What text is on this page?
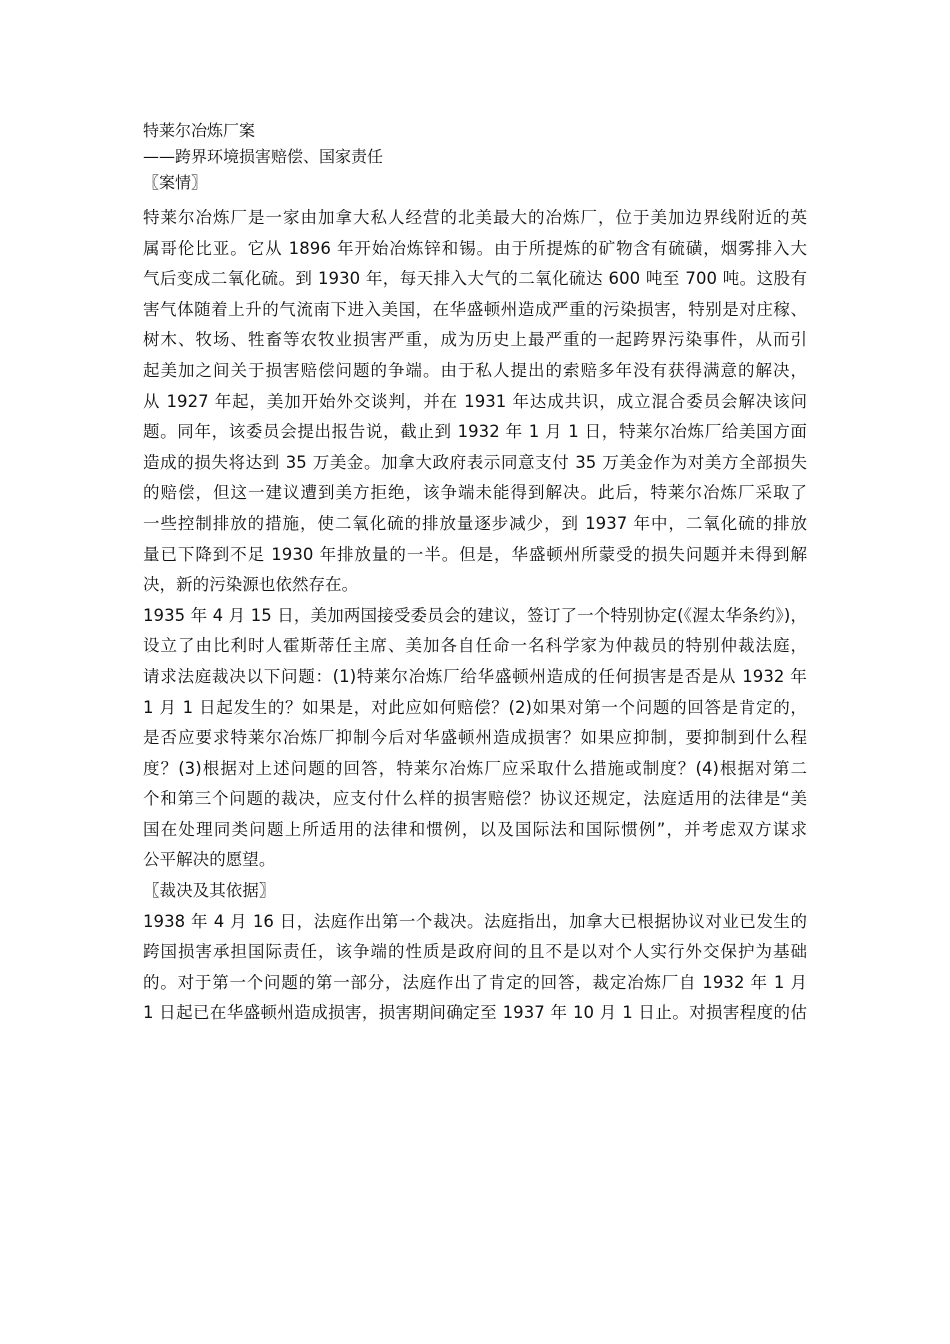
特莱尔冶炼厂案
——跨界环境损害赔偿、国家责任
〖案情〗
特莱尔冶炼厂是一家由加拿大私人经营的北美最大的冶炼厂，位于美加边界线附近的英
属哥伦比亚。它从 1896 年开始冶炼锌和锡。由于所提炼的矿物含有硫磺，烟雾排入大
气后变成二氧化硫。到 1930 年，每天排入大气的二氧化硫达 600 吨至 700 吨。这股有
害气体随着上升的气流南下进入美国，在华盛顿州造成严重的污染损害，特别是对庄稼、
树木、牧场、牲畜等农牧业损害严重，成为历史上最严重的一起跨界污染事件，从而引
起美加之间关于损害赔偿问题的争端。由于私人提出的索赔多年没有获得满意的解决，
从 1927 年起，美加开始外交谈判，并在 1931 年达成共识，成立混合委员会解决该问
题。同年，该委员会提出报告说，截止到 1932 年 1 月 1 日，特莱尔冶炼厂给美国方面
造成的损失将达到 35 万美金。加拿大政府表示同意支付 35 万美金作为对美方全部损失
的赔偿，但这一建议遭到美方拒绝，该争端未能得到解决。此后，特莱尔冶炼厂采取了
一些控制排放的措施，使二氧化硫的排放量逐步减少，到 1937 年中，二氧化硫的排放
量已下降到不足 1930 年排放量的一半。但是，华盛顿州所蒙受的损失问题并未得到解
决，新的污染源也依然存在。
1935 年 4 月 15 日，美加两国接受委员会的建议，签订了一个特别协定(《渥太华条约》)，
设立了由比利时人霍斯蒂任主席、美加各自任命一名科学家为仲裁员的特别仲裁法庭，
请求法庭裁决以下问题：(1)特莱尔冶炼厂给华盛顿州造成的任何损害是否是从 1932 年
1 月 1 日起发生的？如果是，对此应如何赔偿？(2)如果对第一个问题的回答是肯定的，
是否应要求特莱尔冶炼厂抑制今后对华盛顿州造成损害？如果应抑制，要抑制到什么程
度？(3)根据对上述问题的回答，特莱尔冶炼厂应采取什么措施或制度？(4)根据对第二
个和第三个问题的裁决，应支付什么样的损害赔偿？协议还规定，法庭适用的法律是“美
国在处理同类问题上所适用的法律和惯例，以及国际法和国际惯例”，并考虑双方谋求
公平解决的愿望。
〖裁决及其依据〗
1938 年 4 月 16 日，法庭作出第一个裁决。法庭指出，加拿大已根据协议对业已发生的
跨国损害承担国际责任，该争端的性质是政府间的且不是以对个人实行外交保护为基础
的。对于第一个问题的第一部分，法庭作出了肯定的回答，裁定冶炼厂自 1932 年 1 月
1 日起已在华盛顿州造成损害，损害期间确定至 1937 年 10 月 1 日止。对损害程度的估
